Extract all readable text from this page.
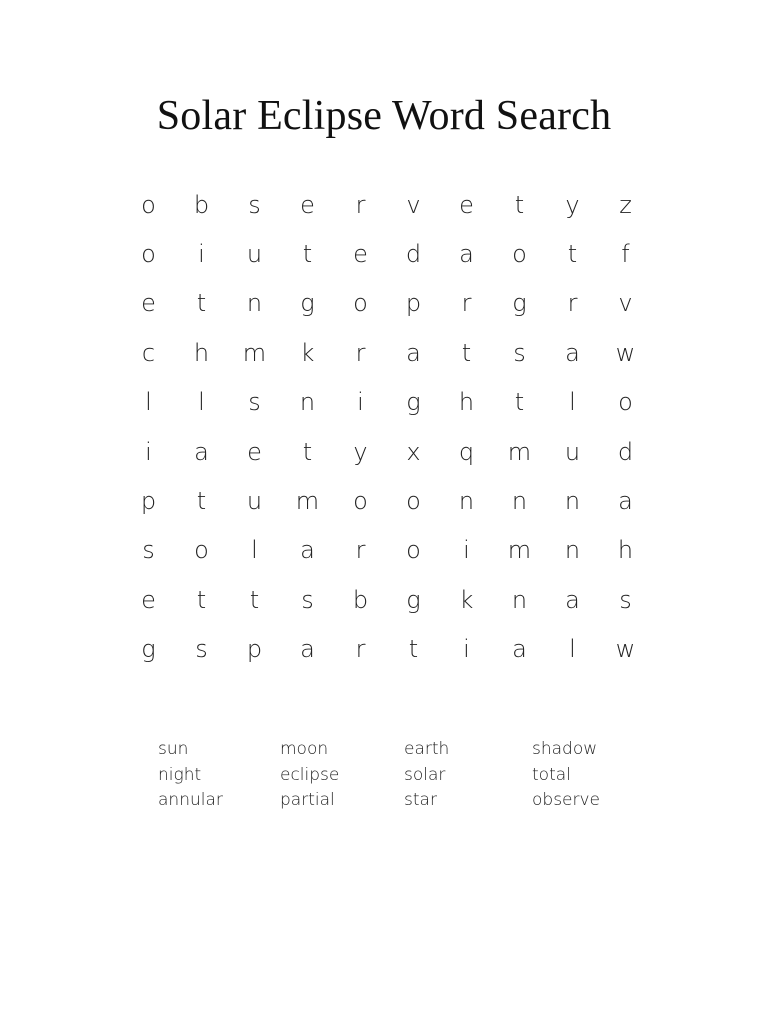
Solar Eclipse Word Search
o	b	s	e	r	v	e	t	y	z
o	i	u	t	e	d	a	o	t	f
e	t	n	g	o	p	r	g	r	v
c	h	m	k	r	a	t	s	a	w
l	l	s	n	i	g	h	t	l	o
i	a	e	t	y	x	q	m	u	d
p	t	u	m	o	o	n	n	n	a
s	o	l	a	r	o	i	m	n	h
e	t	t	s	b	g	k	n	a	s
g	s	p	a	r	t	i	a	l	w
sun	moon	earth	shadow
night	eclipse	solar	total
annular	partial	star	observe
